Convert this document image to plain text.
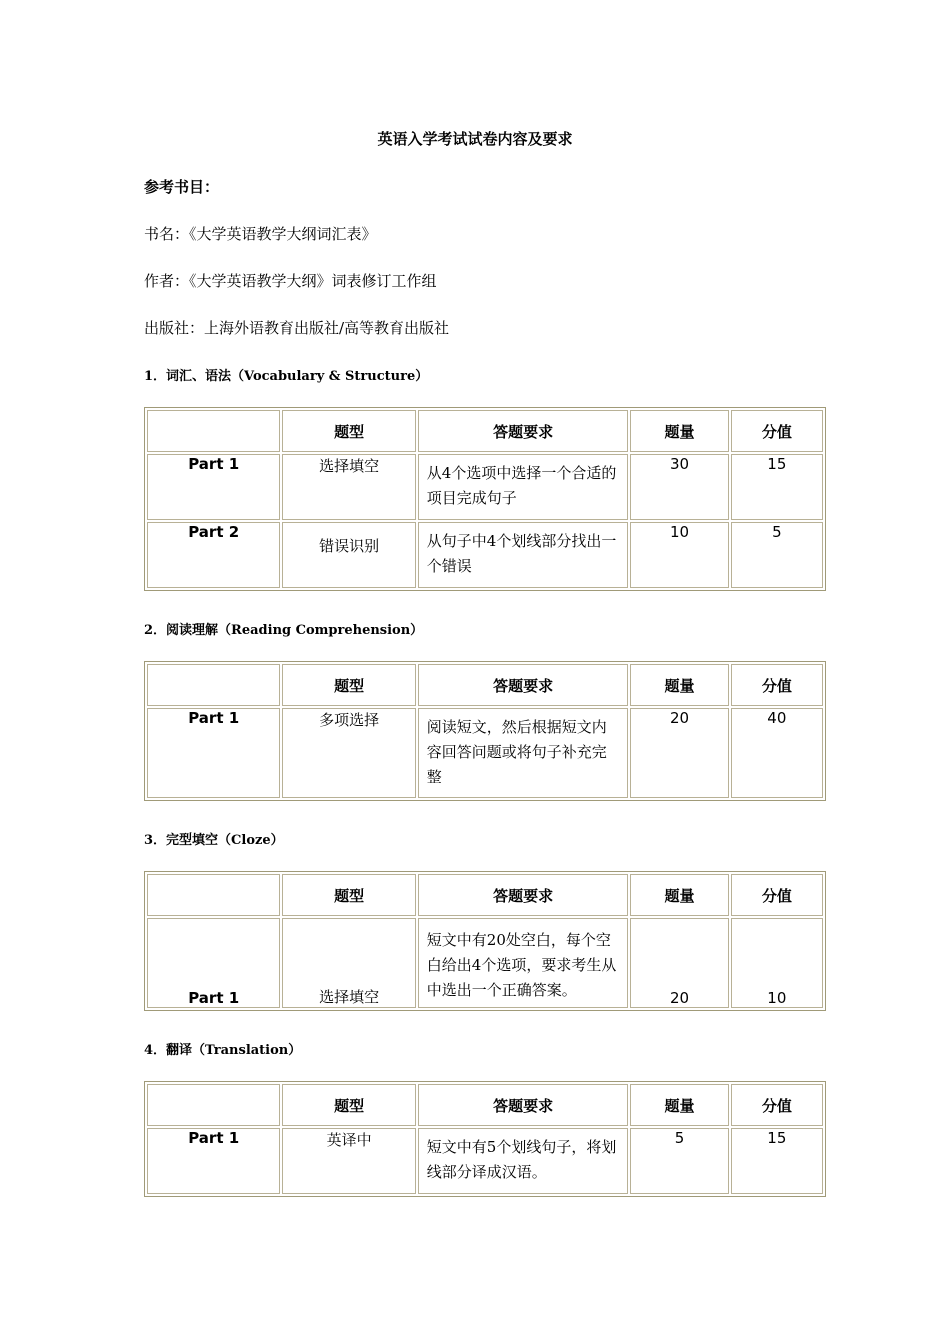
英语入学考试试卷内容及要求
参考书目：
书名：《大学英语教学大纲词汇表》
作者：《大学英语教学大纲》词表修订工作组
出版社：上海外语教育出版社/高等教育出版社
1．词汇、语法（Vocabulary & Structure）
	题型	答题要求	题量	分值
Part 1	选择填空	从4个选项中选择一个合适的项目完成句子	30	15
Part 2	错误识别	从句子中4个划线部分找出一个错误	10	5
2．阅读理解（Reading Comprehension）
	题型	答题要求	题量	分值
Part 1	多项选择	阅读短文，然后根据短文内容回答问题或将句子补充完整	20	40
3．完型填空（Cloze）
	题型	答题要求	题量	分值
Part 1	选择填空	短文中有20处空白，每个空白给出4个选项，要求考生从中选出一个正确答案。	20	10
4．翻译（Translation）
	题型	答题要求	题量	分值
Part 1	英译中	短文中有5个划线句子，将划线部分译成汉语。	5	15
